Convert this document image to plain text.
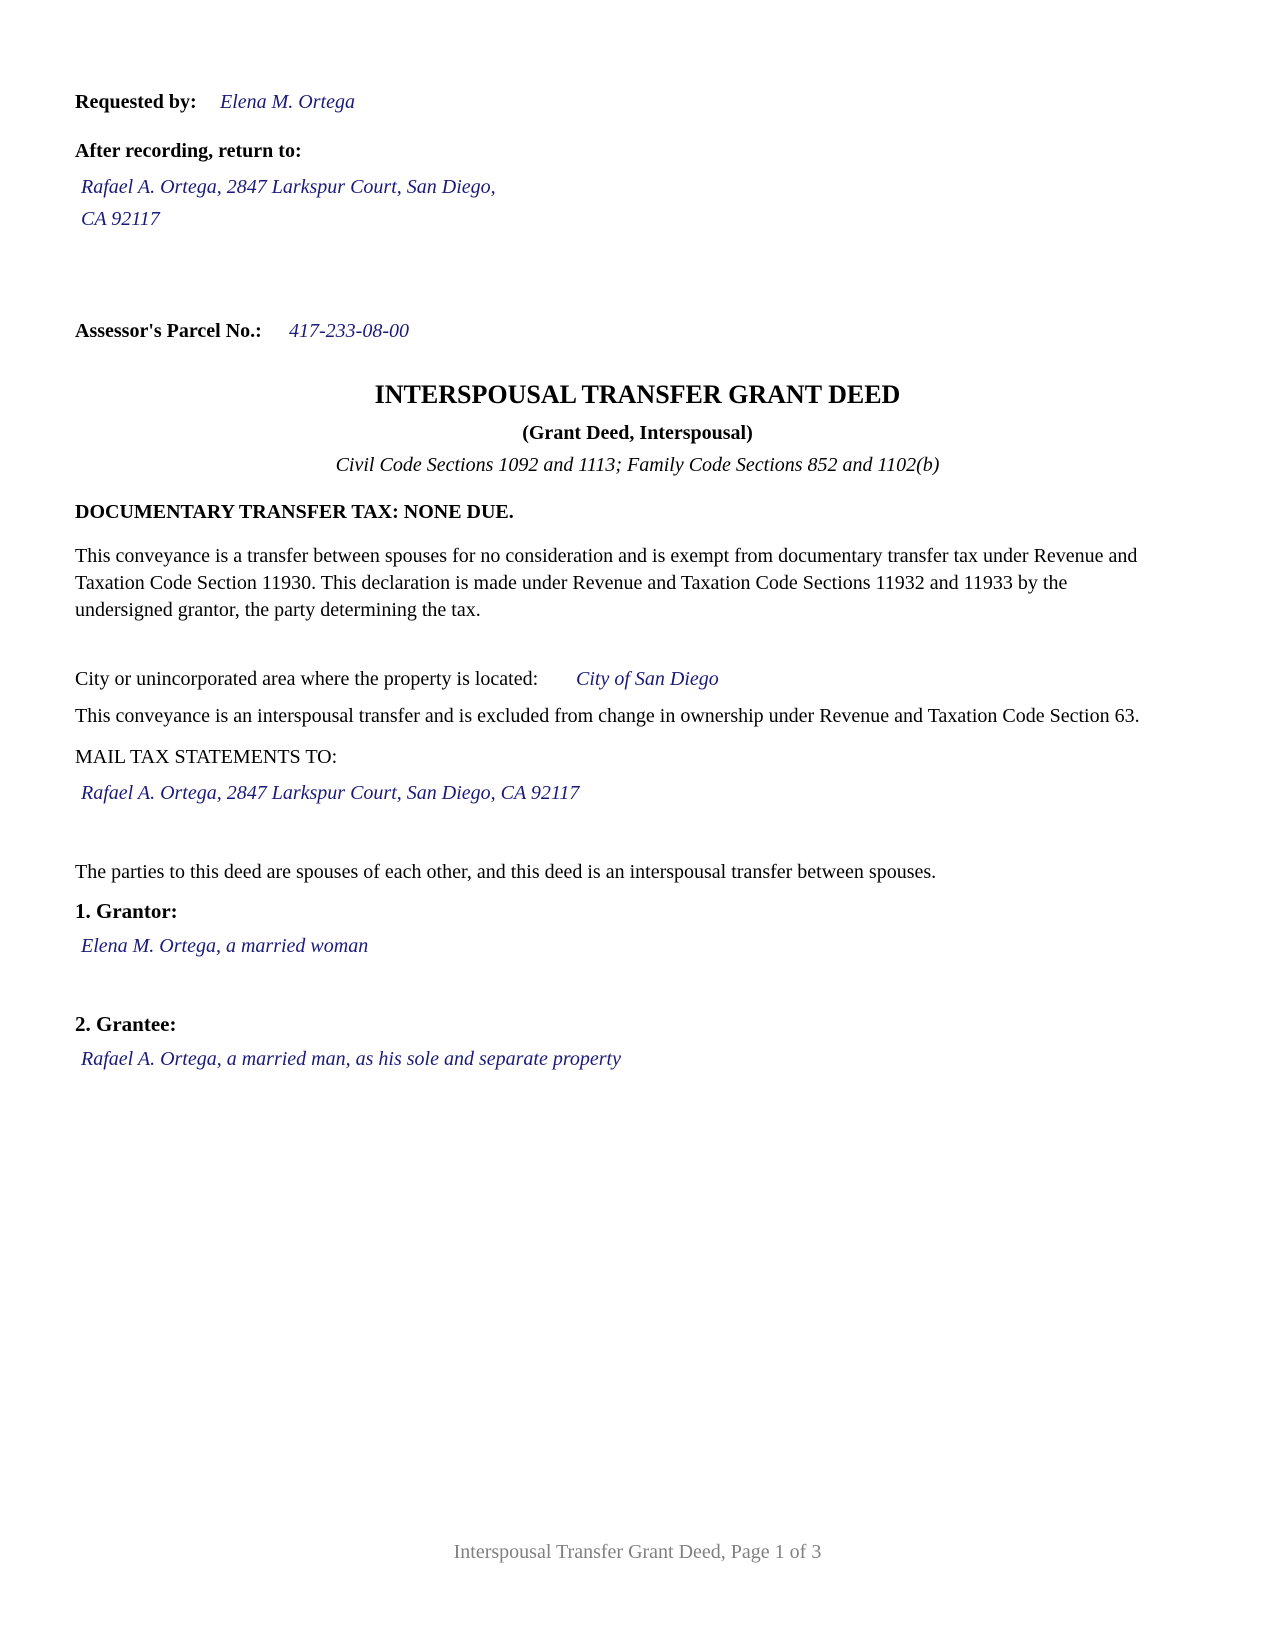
Requested by: Elena M. Ortega
After recording, return to:
Rafael A. Ortega, 2847 Larkspur Court, San Diego,
CA 92117
Assessor's Parcel No.: 417-233-08-00
INTERSPOUSAL TRANSFER GRANT DEED
(Grant Deed, Interspousal)
Civil Code Sections 1092 and 1113; Family Code Sections 852 and 1102(b)
DOCUMENTARY TRANSFER TAX: NONE DUE.
This conveyance is a transfer between spouses for no consideration and is exempt from documentary transfer tax under Revenue and
Taxation Code Section 11930. This declaration is made under Revenue and Taxation Code Sections 11932 and 11933 by the
undersigned grantor, the party determining the tax.
City or unincorporated area where the property is located: City of San Diego
This conveyance is an interspousal transfer and is excluded from change in ownership under Revenue and Taxation Code Section 63.
MAIL TAX STATEMENTS TO:
Rafael A. Ortega, 2847 Larkspur Court, San Diego, CA 92117
The parties to this deed are spouses of each other, and this deed is an interspousal transfer between spouses.
1. Grantor:
Elena M. Ortega, a married woman
2. Grantee:
Rafael A. Ortega, a married man, as his sole and separate property
Interspousal Transfer Grant Deed, Page 1 of 3
